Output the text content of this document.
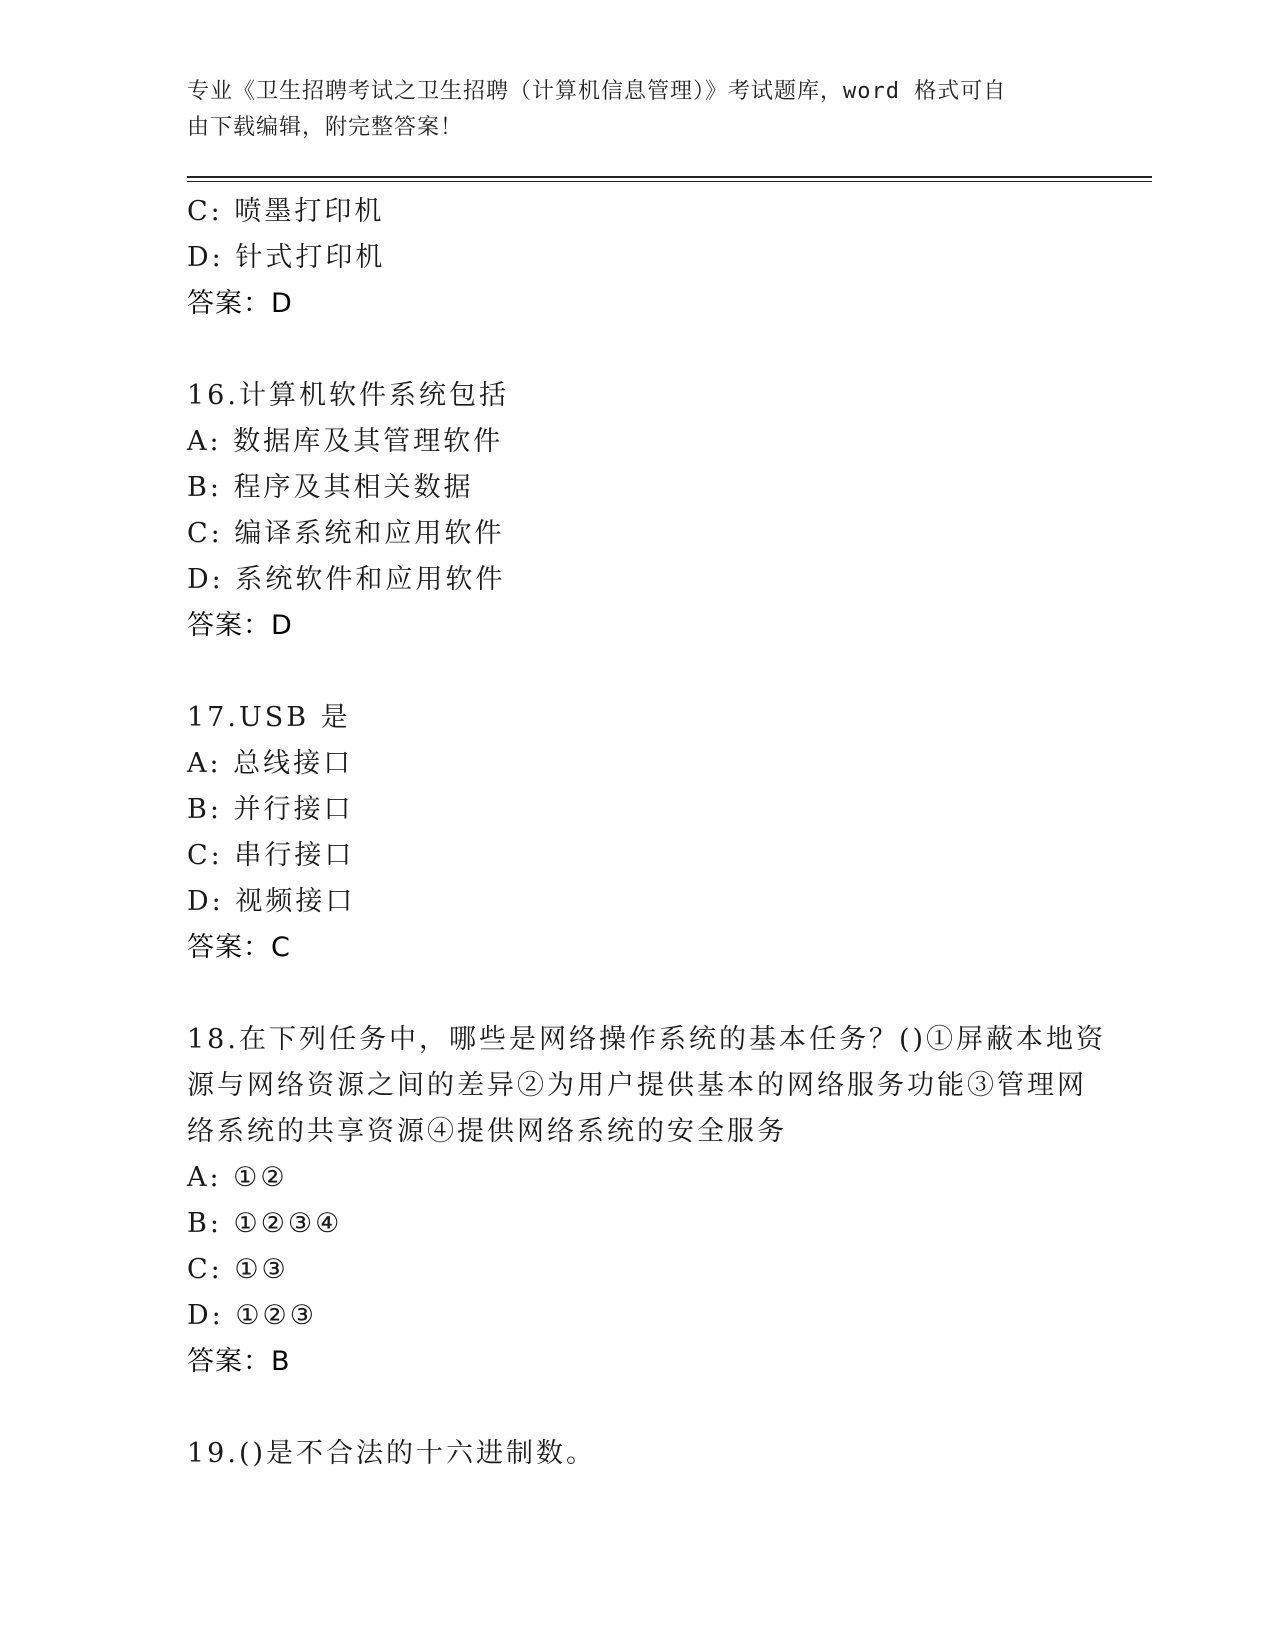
专业《卫生招聘考试之卫生招聘（计算机信息管理）》考试题库，word 格式可自
由下载编辑，附完整答案！
C: 喷墨打印机
D: 针式打印机
答案：D
16.计算机软件系统包括
A: 数据库及其管理软件
B: 程序及其相关数据
C: 编译系统和应用软件
D: 系统软件和应用软件
答案：D
17.USB 是
A: 总线接口
B: 并行接口
C: 串行接口
D: 视频接口
答案：C
18.在下列任务中，哪些是网络操作系统的基本任务？()①屏蔽本地资
源与网络资源之间的差异②为用户提供基本的网络服务功能③管理网
络系统的共享资源④提供网络系统的安全服务
A: ①②
B: ①②③④
C: ①③
D: ①②③
答案：B
19.()是不合法的十六进制数。
